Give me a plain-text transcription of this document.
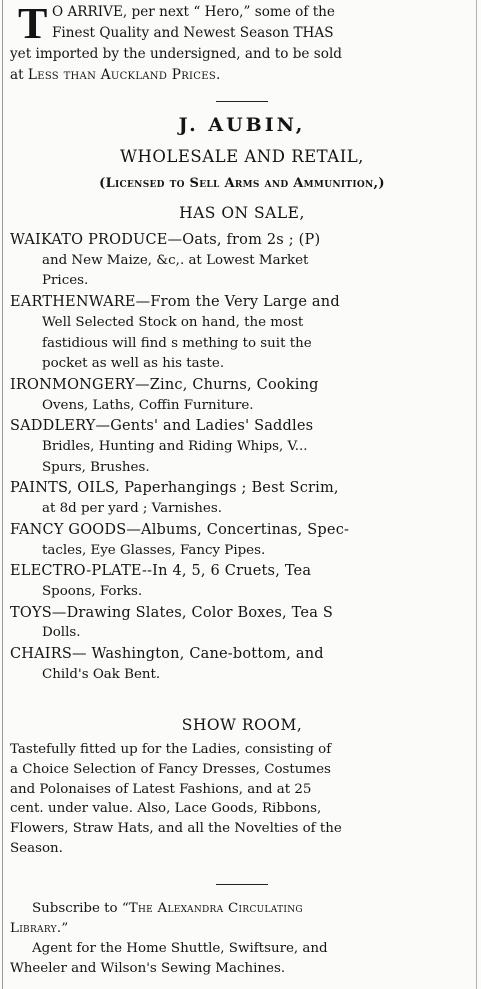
T O ARRIVE, per next “ Hero,” some of the
Finest Quality and Newest Season THAS
yet imported by the undersigned, and to be sold
at Less than Auckland Prices.
J. AUBIN,
WHOLESALE AND RETAIL,
(Licensed to Sell Arms and Ammunition,)
HAS ON SALE,
WAIKATO PRODUCE—Oats, from 2s ; (P)
and New Maize, &c,. at Lowest Market
Prices.
EARTHENWARE—From the Very Large and
Well Selected Stock on hand, the most
fastidious will find s mething to suit the
pocket as well as his taste.
IRONMONGERY—Zinc, Churns, Cooking
Ovens, Laths, Coffin Furniture.
SADDLERY—Gents' and Ladies' Saddles
Bridles, Hunting and Riding Whips, V...
Spurs, Brushes.
PAINTS, OILS, Paperhangings ; Best Scrim,
at 8d per yard ; Varnishes.
FANCY GOODS—Albums, Concertinas, Spec-
tacles, Eye Glasses, Fancy Pipes.
ELECTRO-PLATE--In 4, 5, 6 Cruets, Tea
Spoons, Forks.
TOYS—Drawing Slates, Color Boxes, Tea S
Dolls.
CHAIRS— Washington, Cane-bottom, and
Child's Oak Bent.
SHOW ROOM,
Tastefully fitted up for the Ladies, consisting of
a Choice Selection of Fancy Dresses, Costumes
and Polonaises of Latest Fashions, and at 25
cent. under value. Also, Lace Goods, Ribbons,
Flowers, Straw Hats, and all the Novelties of the
Season.
Subscribe to “The Alexandra Circulating
Library.”
Agent for the Home Shuttle, Swiftsure, and
Wheeler and Wilson's Sewing Machines.
